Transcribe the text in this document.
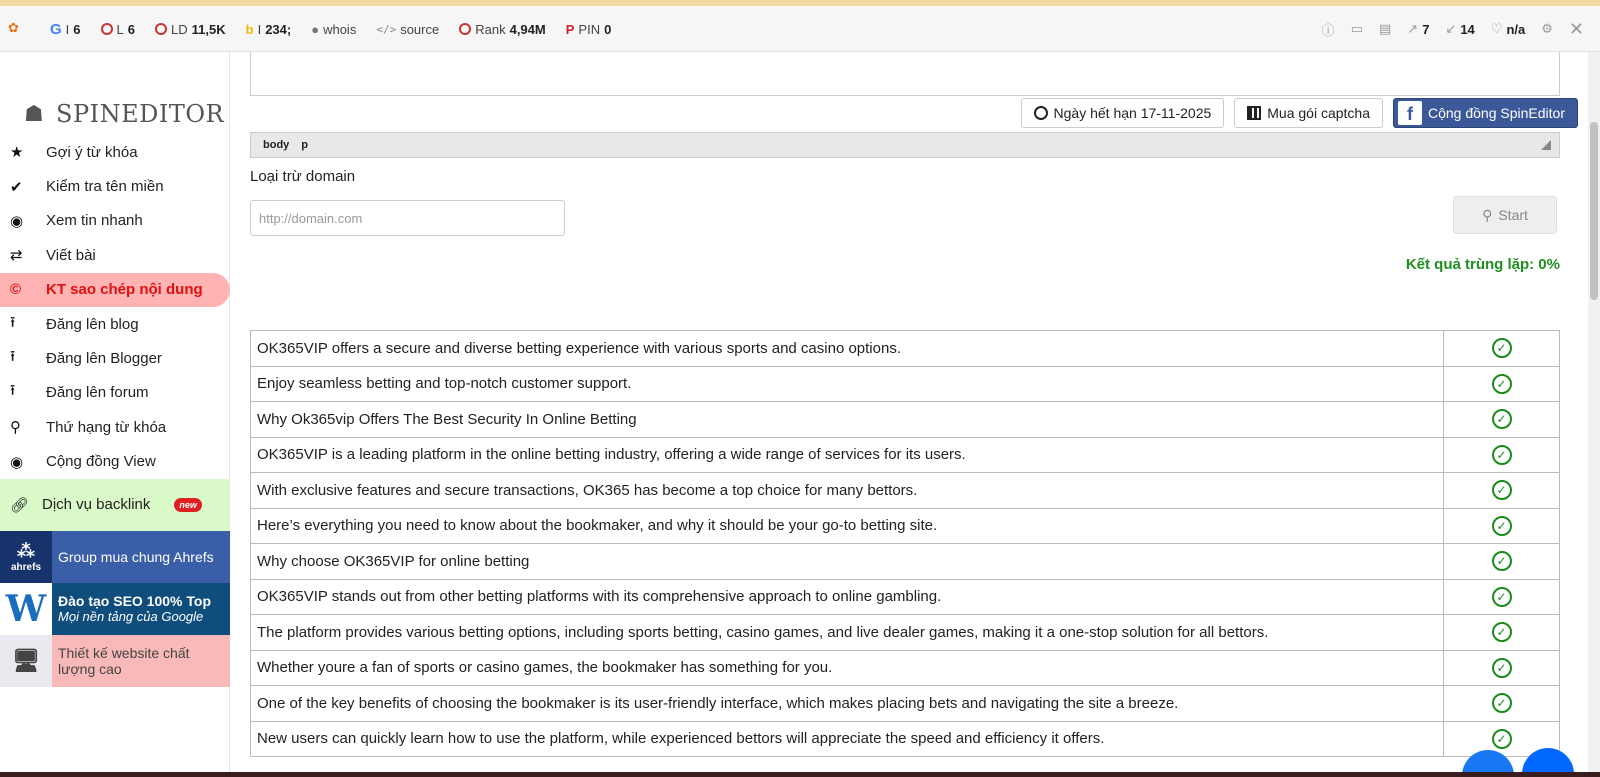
✿	G I 6	L 6	LD 11,5K b I 234; ● whois </> source	Rank 4,94M P PIN 0	ⓘ ▭ ▤ ↗ 7 ↙ 14 ♡ n/a ⚙ ✕
☗ SPINEDITOR
★	Gợi ý từ khóa
✔	Kiểm tra tên miền
◉	Xem tin nhanh
⇄	Viết bài
©	KT sao chép nội dung
⭱	Đăng lên blog
⭱	Đăng lên Blogger
⭱	Đăng lên forum
⚲	Thứ hạng từ khóa
◉	Cộng đồng View
🔗︎ Dịch vụ backlink	new
⁂
ahrefs
Group mua chung Ahrefs
W Đào tạo SEO 100% Top
Mọi nền tảng của Google
🖥︎	Thiết kế website chất lượng cao
body p
Loại trừ domain
http://domain.com
⚲ Start
Kết quả trùng lặp: 0%
OK365VIP offers a secure and diverse betting experience with various sports and casino options.	✓
Enjoy seamless betting and top-notch customer support.	✓
Why Ok365vip Offers The Best Security In Online Betting	✓
OK365VIP is a leading platform in the online betting industry, offering a wide range of services for its users.	✓
With exclusive features and secure transactions, OK365 has become a top choice for many bettors.	✓
Here’s everything you need to know about the bookmaker, and why it should be your go-to betting site.	✓
Why choose OK365VIP for online betting	✓
OK365VIP stands out from other betting platforms with its comprehensive approach to online gambling.	✓
The platform provides various betting options, including sports betting, casino games, and live dealer games, making it a one-stop solution for all bettors.	✓
Whether youre a fan of sports or casino games, the bookmaker has something for you.	✓
One of the key benefits of choosing the bookmaker is its user-friendly interface, which makes placing bets and navigating the site a breeze.	✓
New users can quickly learn how to use the platform, while experienced bettors will appreciate the speed and efficiency it offers.	✓
Ngày hết hạn 17-11-2025	Mua gói captcha	f	Cộng đồng SpinEditor
